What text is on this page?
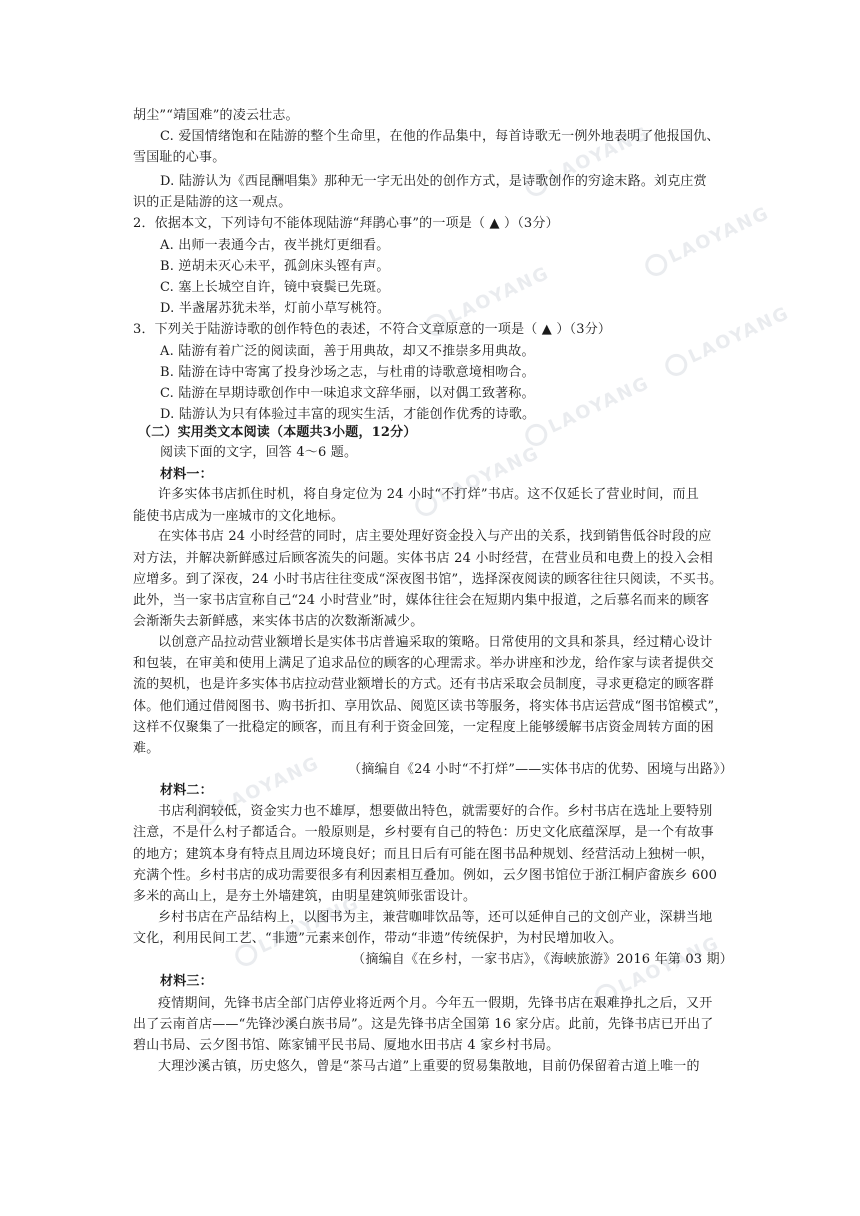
LAOYANG
LAOYANG
LAOYANG
LAOYANG
LAOYANG
LAOYANG
LAOYANG
LAOYANG
LAOYANG
胡尘”“靖国难”的凌云壮志。
C. 爱国情绪饱和在陆游的整个生命里，在他的作品集中，每首诗歌无一例外地表明了他报国仇、
雪国耻的心事。
D. 陆游认为《西昆酬唱集》那种无一字无出处的创作方式，是诗歌创作的穷途末路。刘克庄赏
识的正是陆游的这一观点。
2．依据本文，下列诗句不能体现陆游“拜鹃心事”的一项是（ ▲ ）（3分）
A. 出师一表通今古，夜半挑灯更细看。
B. 逆胡未灭心未平，孤剑床头铿有声。
C. 塞上长城空自许，镜中衰鬓已先斑。
D. 半盏屠苏犹未举，灯前小草写桃符。
3．下列关于陆游诗歌的创作特色的表述，不符合文章原意的一项是（ ▲ ）（3分）
A. 陆游有着广泛的阅读面，善于用典故，却又不推崇多用典故。
B. 陆游在诗中寄寓了投身沙场之志，与杜甫的诗歌意境相吻合。
C. 陆游在早期诗歌创作中一味追求文辞华丽，以对偶工致著称。
D. 陆游认为只有体验过丰富的现实生活，才能创作优秀的诗歌。
（二）实用类文本阅读（本题共3小题，12分）
阅读下面的文字，回答 4～6 题。
材料一：
许多实体书店抓住时机，将自身定位为 24 小时“不打烊”书店。这不仅延长了营业时间，而且
能使书店成为一座城市的文化地标。
在实体书店 24 小时经营的同时，店主要处理好资金投入与产出的关系，找到销售低谷时段的应
对方法，并解决新鲜感过后顾客流失的问题。实体书店 24 小时经营，在营业员和电费上的投入会相
应增多。到了深夜，24 小时书店往往变成“深夜图书馆”，选择深夜阅读的顾客往往只阅读，不买书。
此外，当一家书店宣称自己“24 小时营业”时，媒体往往会在短期内集中报道，之后慕名而来的顾客
会渐渐失去新鲜感，来实体书店的次数渐渐减少。
以创意产品拉动营业额增长是实体书店普遍采取的策略。日常使用的文具和茶具，经过精心设计
和包装，在审美和使用上满足了追求品位的顾客的心理需求。举办讲座和沙龙，给作家与读者提供交
流的契机，也是许多实体书店拉动营业额增长的方式。还有书店采取会员制度，寻求更稳定的顾客群
体。他们通过借阅图书、购书折扣、享用饮品、阅览区读书等服务，将实体书店运营成“图书馆模式”，
这样不仅聚集了一批稳定的顾客，而且有利于资金回笼，一定程度上能够缓解书店资金周转方面的困
难。
（摘编自《24 小时“不打烊”——实体书店的优势、困境与出路》）
材料二：
书店利润较低，资金实力也不雄厚，想要做出特色，就需要好的合作。乡村书店在选址上要特别
注意，不是什么村子都适合。一般原则是，乡村要有自己的特色：历史文化底蕴深厚，是一个有故事
的地方；建筑本身有特点且周边环境良好；而且日后有可能在图书品种规划、经营活动上独树一帜，
充满个性。乡村书店的成功需要很多有利因素相互叠加。例如，云夕图书馆位于浙江桐庐畲族乡 600
多米的高山上，是夯土外墙建筑，由明星建筑师张雷设计。
乡村书店在产品结构上，以图书为主，兼营咖啡饮品等，还可以延伸自己的文创产业，深耕当地
文化，利用民间工艺、“非遗”元素来创作，带动“非遗”传统保护，为村民增加收入。
（摘编自《在乡村，一家书店》，《海峡旅游》2016 年第 03 期）
材料三：
疫情期间，先锋书店全部门店停业将近两个月。今年五一假期，先锋书店在艰难挣扎之后，又开
出了云南首店——“先锋沙溪白族书局”。这是先锋书店全国第 16 家分店。此前，先锋书店已开出了
碧山书局、云夕图书馆、陈家铺平民书局、厦地水田书店 4 家乡村书局。
大理沙溪古镇，历史悠久，曾是“茶马古道”上重要的贸易集散地，目前仍保留着古道上唯一的
